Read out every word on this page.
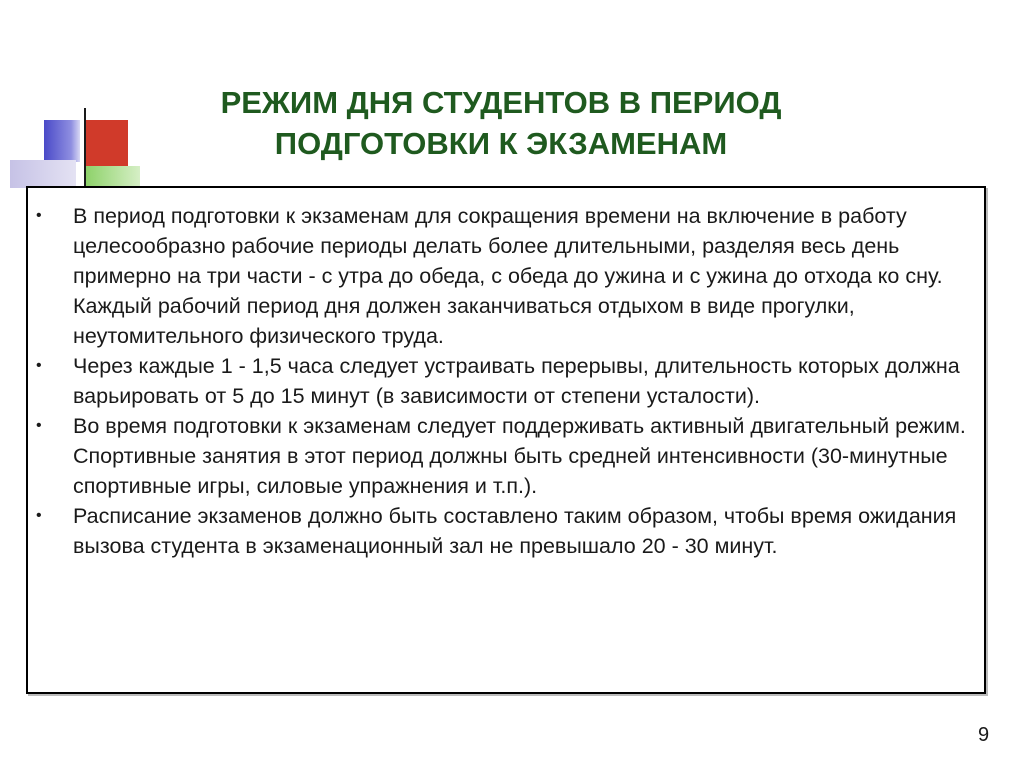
РЕЖИМ ДНЯ СТУДЕНТОВ В ПЕРИОД
ПОДГОТОВКИ К ЭКЗАМЕНАМ
•	В период подготовки к экзаменам для сокращения времени на включение в работу целесообразно рабочие периоды делать более длительными, разделяя весь день примерно на три части - с утра до обеда, с обеда до ужина и с ужина до отхода ко сну. Каждый рабочий период дня должен заканчиваться отдыхом в виде прогулки, неутомительного физического труда.
•	Через каждые 1 - 1,5 часа следует устраивать перерывы, длительность которых должна варьировать от 5 до 15 минут (в зависимости от степени усталости).
•	Во время подготовки к экзаменам следует поддерживать активный двигательный режим. Спортивные занятия в этот период должны быть средней интенсивности (30-минутные спортивные игры, силовые упражнения и т.п.).
•	Расписание экзаменов должно быть составлено таким образом, чтобы время ожидания вызова студента в экзаменационный зал не превышало 20 - 30 минут.
9
